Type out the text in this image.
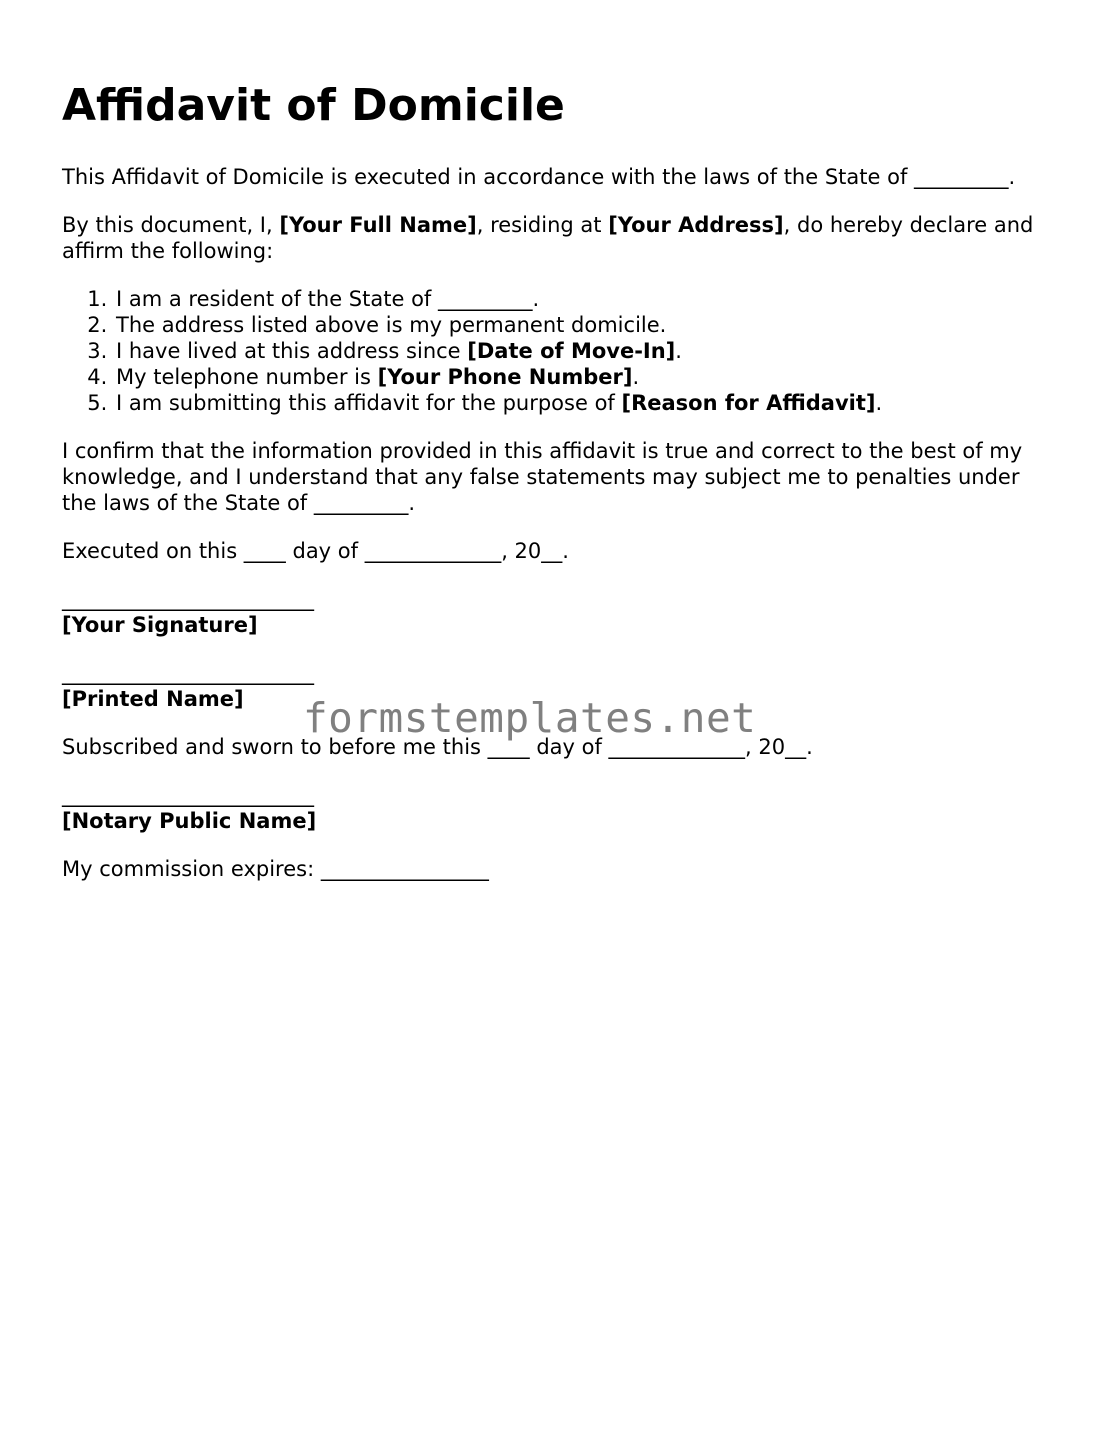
Affidavit of Domicile

This Affidavit of Domicile is executed in accordance with the laws of the State of _________.

By this document, I, [Your Full Name], residing at [Your Address], do hereby declare and affirm the following:

1. I am a resident of the State of _________.
2. The address listed above is my permanent domicile.
3. I have lived at this address since [Date of Move-In].
4. My telephone number is [Your Phone Number].
5. I am submitting this affidavit for the purpose of [Reason for Affidavit].

I confirm that the information provided in this affidavit is true and correct to the best of my knowledge, and I understand that any false statements may subject me to penalties under the laws of the State of _________.

Executed on this ____ day of _____________, 20__.

________________________
[Your Signature]
________________________
[Printed Name]

Subscribed and sworn to before me this ____ day of _____________, 20__.

________________________
[Notary Public Name]

My commission expires: ________________

formstemplates.net
